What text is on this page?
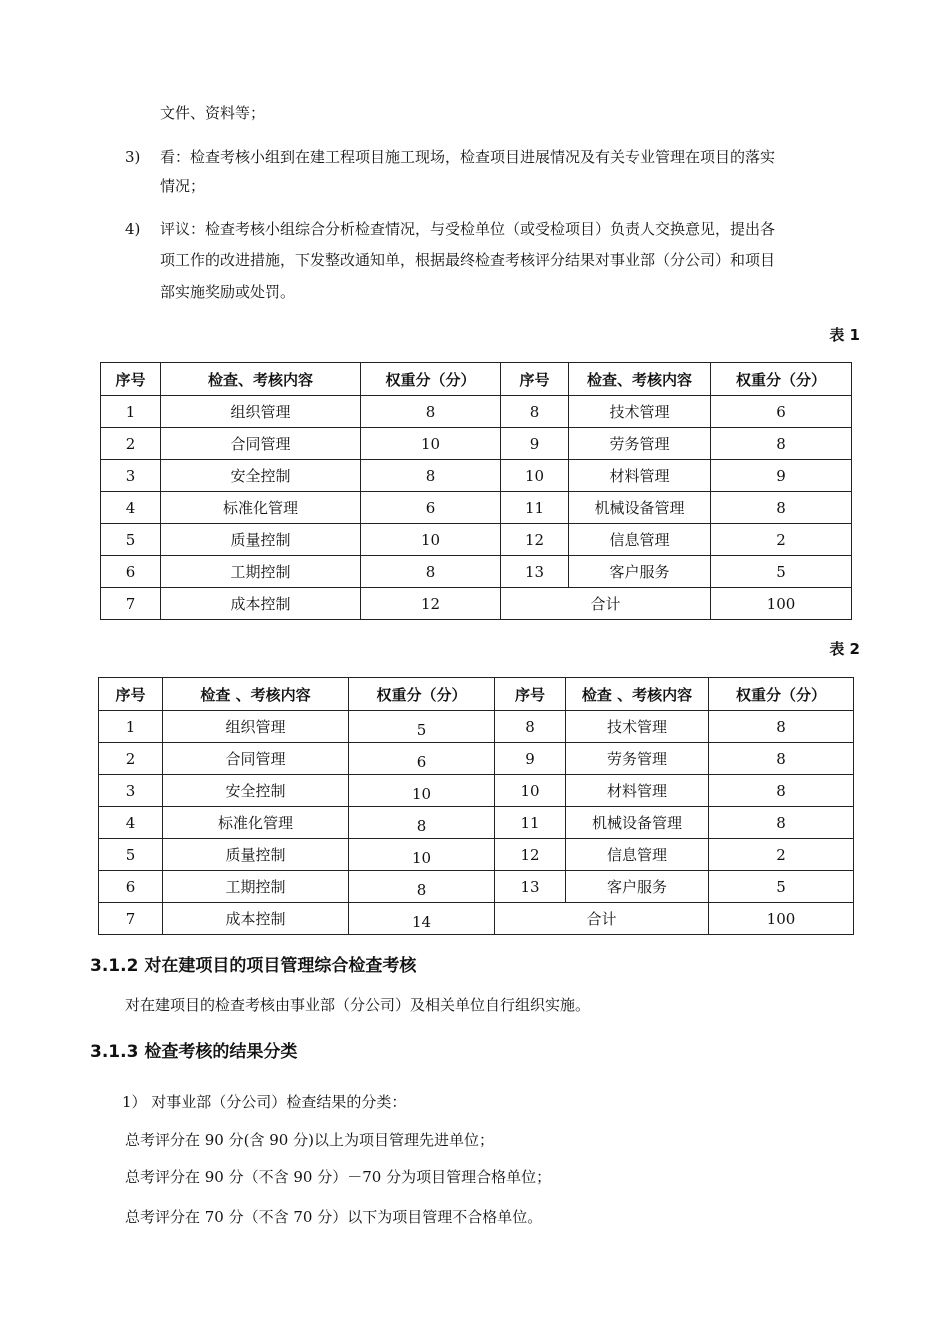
文件、资料等；
3) 看：检查考核小组到在建工程项目施工现场，检查项目进展情况及有关专业管理在项目的落实
情况；
4) 评议：检查考核小组综合分析检查情况，与受检单位（或受检项目）负责人交换意见，提出各
项工作的改进措施，下发整改通知单，根据最终检查考核评分结果对事业部（分公司）和项目
部实施奖励或处罚。
表 1
序号	检查、考核内容	权重分（分）	序号	检查、考核内容	权重分（分）
1	组织管理	8	8	技术管理	6
2	合同管理	10	9	劳务管理	8
3	安全控制	8	10	材料管理	9
4	标准化管理	6	11	机械设备管理	8
5	质量控制	10	12	信息管理	2
6	工期控制	8	13	客户服务	5
7	成本控制	12	合计		100
表 2
序号	检查 、考核内容	权重分（分）	序号	检查 、考核内容	权重分（分）
1	组织管理	5	8	技术管理	8
2	合同管理	6	9	劳务管理	8
3	安全控制	10	10	材料管理	8
4	标准化管理	8	11	机械设备管理	8
5	质量控制	10	12	信息管理	2
6	工期控制	8	13	客户服务	5
7	成本控制	14	合计		100
3.1.2 对在建项目的项目管理综合检查考核
对在建项目的检查考核由事业部（分公司）及相关单位自行组织实施。
3.1.3 检查考核的结果分类
1） 对事业部（分公司）检查结果的分类：
总考评分在 90 分(含 90 分)以上为项目管理先进单位；
总考评分在 90 分（不含 90 分）－70 分为项目管理合格单位；
总考评分在 70 分（不含 70 分）以下为项目管理不合格单位。
